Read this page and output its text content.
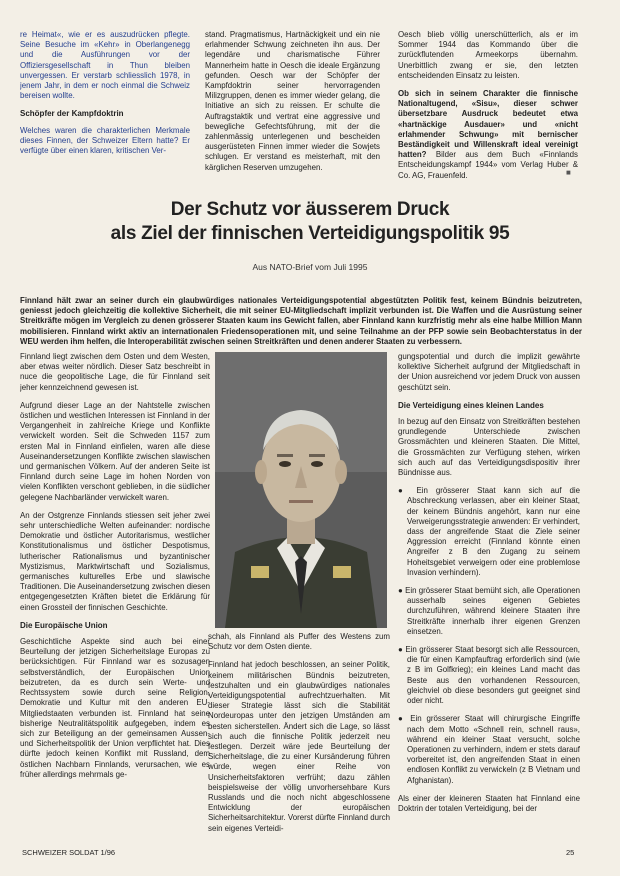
re Heimat«, wie er es auszudrücken pflegte. Seine Besuche im «Kehr» in Oberlangenegg und die Ausführungen vor der Offiziersgesellschaft in Thun bleiben unvergessen. Er verstarb schliesslich 1978, in jenem Jahr, in dem er noch einmal die Schweiz bereisen wollte.

Schöpfer der Kampfdoktrin

Welches waren die charakterlichen Merkmale dieses Finnen, der Schweizer Eltern hatte? Er verfügte über einen klaren, kritischen Ver-

stand. Pragmatismus, Hartnäckigkeit und ein nie erlahmender Schwung zeichneten ihn aus. Der legendäre und charismatische Führer Mannerheim hatte in Oesch die ideale Ergänzung gefunden. Oesch war der Schöpfer der Kampfdoktrin seiner hervorragenden Milizgruppen, denen es immer wieder gelang, die Initiative an sich zu reissen. Er schulte die Auftragstaktik und vertrat eine aggressive und bewegliche Gefechtsführung, mit der die zahlenmässig unterlegenen und bescheiden ausgerüsteten Finnen immer wieder die Sowjets schlugen. Er verstand es meisterhaft, mit den kärglichen Reserven umzugehen.

Oesch blieb völlig unerschütterlich, als er im Sommer 1944 das Kommando über die zurückflutenden Armeekorps übernahm. Unerbittlich zwang er sie, den letzten entscheidenden Einsatz zu leisten.

Ob sich in seinem Charakter die finnische Nationaltugend, «Sisu», dieser schwer übersetzbare Ausdruck bedeutet etwa «hartnäckige Ausdauer» und «nicht erlahmender Schwung» mit bernischer Beständigkeit und Willenskraft ideal vereinigt hatten? Bilder aus dem Buch «Finnlands Entscheidungskampf 1944» vom Verlag Huber & Co. AG, Frauenfeld.	■
Der Schutz vor äusserem Druck
als Ziel der finnischen Verteidigungspolitik 95
Aus NATO-Brief vom Juli 1995
Finnland hält zwar an seiner durch ein glaubwürdiges nationales Verteidigungspotential abgestützten Politik fest, keinem Bündnis beizutreten, geniesst jedoch gleichzeitig die kollektive Sicherheit, die mit seiner EU-Mitgliedschaft implizit verbunden ist. Die Waffen und die Ausrüstung seiner Streitkräfte mögen im Vergleich zu denen grösserer Staaten kaum ins Gewicht fallen, aber Finnland kann kurzfristig mehr als eine halbe Million Mann mobilisieren. Finnland wirkt aktiv an internationalen Friedensoperationen mit, und seine Teilnahme an der PFP sowie sein Beobachterstatus in der WEU werden ihm helfen, die Interoperabilität zwischen seinen Streitkräften und denen anderer Staaten zu verbessern.

Finnland liegt zwischen dem Osten und dem Westen, aber etwas weiter nördlich. Dieser Satz beschreibt in nuce die geopolitische Lage, die für Finnland seit jeher kennzeichnend gewesen ist.

Aufgrund dieser Lage an der Nahtstelle zwischen östlichen und westlichen Interessen ist Finnland in der Vergangenheit in zahlreiche Kriege und Konflikte verwickelt worden. Seit die Schweden 1157 zum ersten Mal in Finnland einfielen, waren alle diese Auseinandersetzungen Konflikte zwischen slawischen und germanischen Völkern. Auf der anderen Seite ist Finnland durch seine Lage im hohen Norden von vielen Konflikten verschont geblieben, in die südlicher gelegene Nachbarländer verwickelt waren.

An der Ostgrenze Finnlands stiessen seit jeher zwei sehr unterschiedliche Welten aufeinander: nordische Demokratie und östlicher Autoritarismus, westlicher Konstitutionalismus und östlicher Despotismus, lutherischer Rationalismus und byzantinischer Mystizismus, Marktwirtschaft und Sozialismus, germanisches kulturelles Erbe und slawische Traditionen. Die Auseinandersetzung zwischen diesen entgegengesetzten Kräften bietet die Erklärung für einen Grossteil der finnischen Geschichte.

Die Europäische Union

Geschichtliche Aspekte sind auch bei einer Beurteilung der jetzigen Sicherheitslage Europas zu berücksichtigen. Für Finnland war es sozusagen selbstverständlich, der Europäischen Union beizutreten, da es durch sein Werte- und Rechtssystem sowie durch seine Religion, Demokratie und Kultur mit den anderen EU-Mitgliedstaaten verbunden ist. Finnland hat seine bisherige Neutralitätspolitik aufgegeben, indem es sich zur Beteiligung an der gemeinsamen Aussen- und Sicherheitspolitik der Union verpflichtet hat. Dies dürfte jedoch keinen Konflikt mit Russland, dem östlichen Nachbarn Finnlands, verursachen, wie es früher allerdings mehrmals ge-

schah, als Finnland als Puffer des Westens zum Schutz vor dem Osten diente.

Finnland hat jedoch beschlossen, an seiner Politik, keinem militärischen Bündnis beizutreten, festzuhalten und ein glaubwürdiges nationales Verteidigungspotential aufrechtzuerhalten. Mit dieser Strategie lässt sich die Stabilität Nordeuropas unter den jetzigen Umständen am besten sicherstellen. Ändert sich die Lage, so lässt sich auch die finnische Politik jederzeit neu festlegen. Derzeit wäre jede Beurteilung der Sicherheitslage, die zu einer Kursänderung führen würde, wegen einer Reihe von Unsicherheitsfaktoren verfrüht; dazu zählen beispielsweise der völlig unvorhersehbare Kurs Russlands und die noch nicht abgeschlossene Entwicklung der europäischen Sicherheitsarchitektur. Vorerst dürfte Finnland durch sein eigenes Verteidi-

gungspotential und durch die implizit gewährte kollektive Sicherheit aufgrund der Mitgliedschaft in der Union ausreichend vor jedem Druck von aussen geschützt sein.

Die Verteidigung eines kleinen Landes

In bezug auf den Einsatz von Streitkräften bestehen grundlegende Unterschiede zwischen Grossmächten und kleineren Staaten. Die Mittel, die Grossmächten zur Verfügung stehen, wirken sich auch auf das Verteidigungsdispositiv ihrer Bündnisse aus.

● Ein grösserer Staat kann sich auf die Abschreckung verlassen, aber ein kleiner Staat, der keinem Bündnis angehört, kann nur eine Verweigerungsstrategie anwenden: Er verhindert, dass der angreifende Staat die Ziele seiner Aggression erreicht (Finnland könnte einen Angreifer z B den Zugang zu seinem Hoheitsgebiet verweigern oder eine problemlose Invasion verhindern).

● Ein grösserer Staat bemüht sich, alle Operationen ausserhalb seines eigenen Gebietes durchzuführen, während kleinere Staaten ihre Streitkräfte innerhalb ihrer eigenen Grenzen einsetzen.

● Ein grösserer Staat besorgt sich alle Ressourcen, die für einen Kampfauftrag erforderlich sind (wie z B im Golfkrieg); ein kleines Land macht das Beste aus den vorhandenen Ressourcen, gleichviel ob diese besonders gut geeignet sind oder nicht.

● Ein grösserer Staat will chirurgische Eingriffe nach dem Motto «Schnell rein, schnell raus», während ein kleiner Staat versucht, solche Operationen zu verhindern, indem er stets darauf vorbereitet ist, den angreifenden Staat in einen endlosen Konflikt zu verwickeln (z B Vietnam und Afghanistan).

Als einer der kleineren Staaten hat Finnland eine Doktrin der totalen Verteidigung, bei der

SCHWEIZER SOLDAT 1/96	25
